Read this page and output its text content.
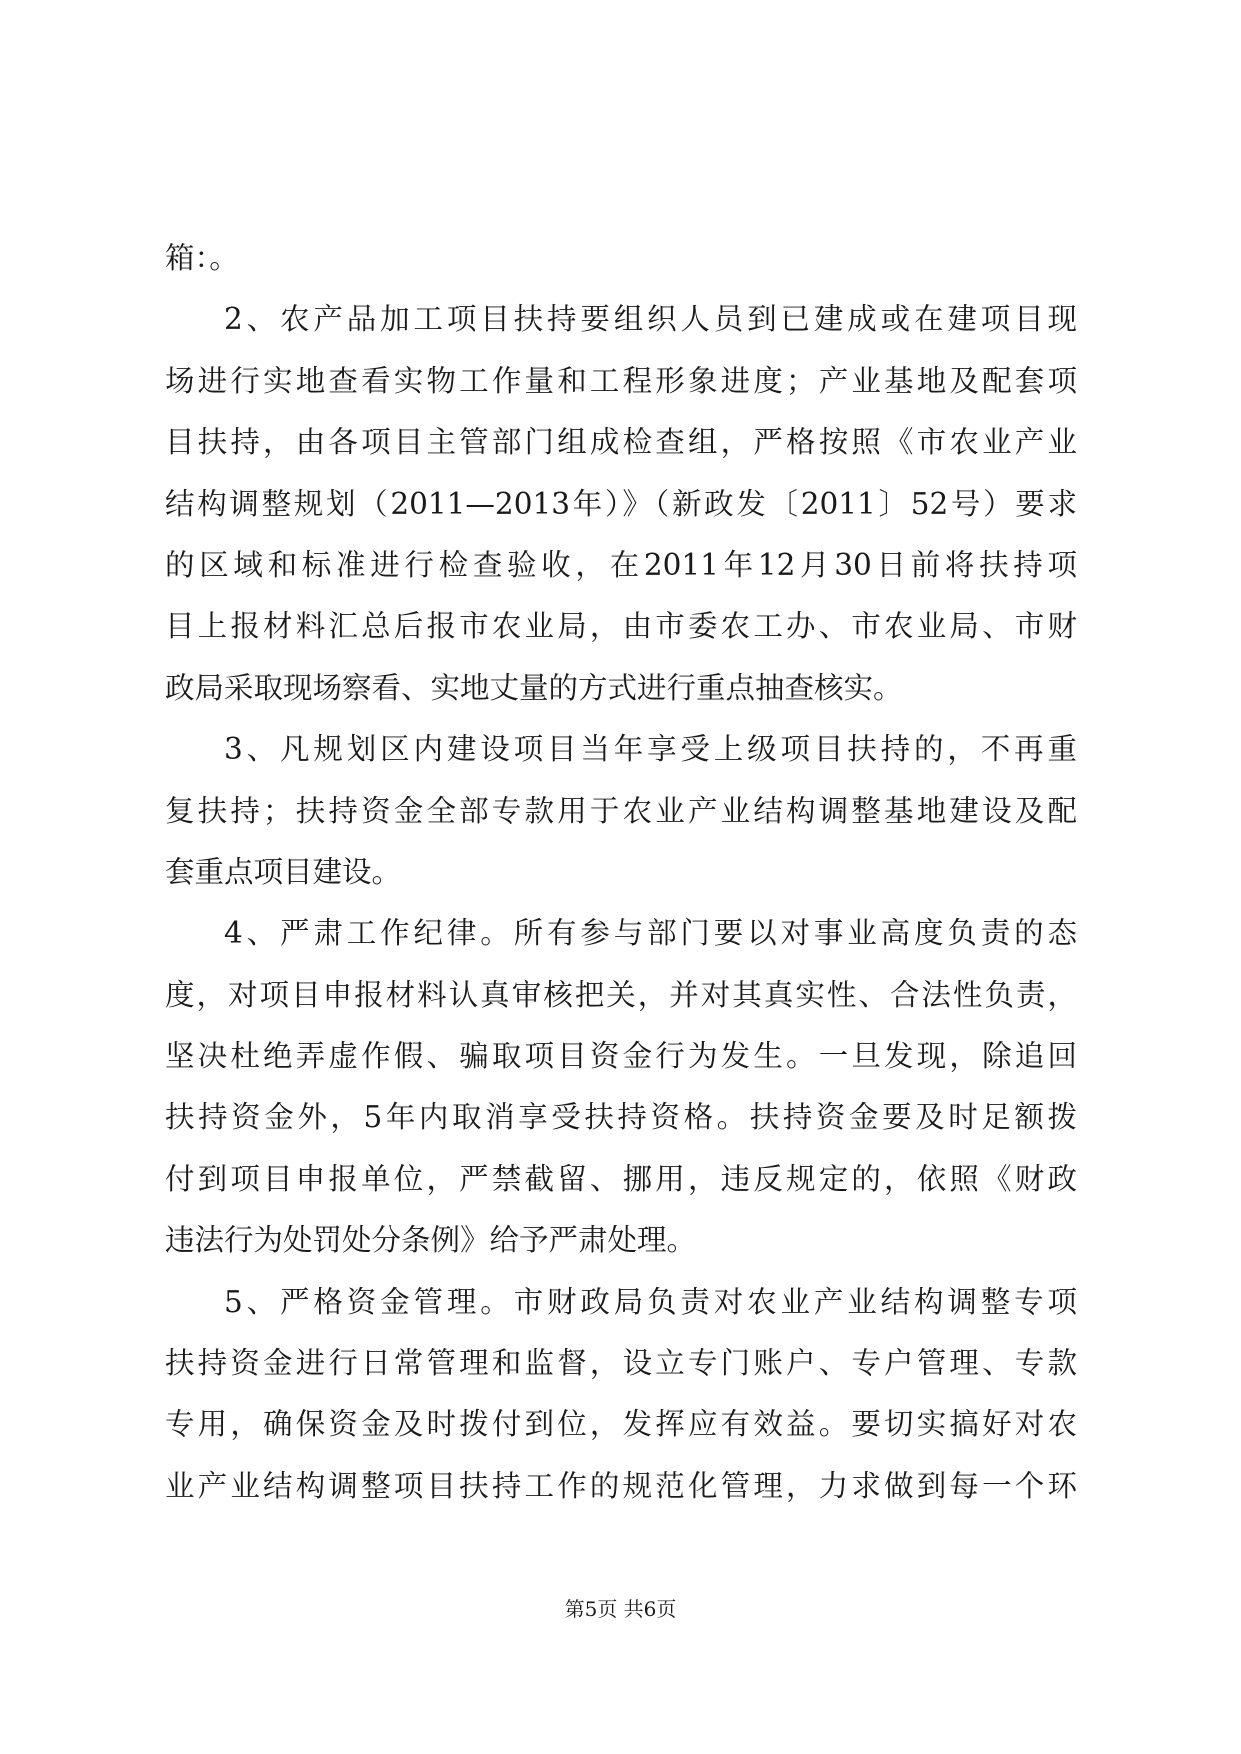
箱：。
2、农产品加工项目扶持要组织人员到已建成或在建项目现
场进行实地查看实物工作量和工程形象进度；产业基地及配套项
目扶持，由各项目主管部门组成检查组，严格按照《市农业产业
结构调整规划（2011—2013年）》（新政发〔2011〕52号）要求
的区域和标准进行检查验收，在2011年12月30日前将扶持项
目上报材料汇总后报市农业局，由市委农工办、市农业局、市财
政局采取现场察看、实地丈量的方式进行重点抽查核实。
3、凡规划区内建设项目当年享受上级项目扶持的，不再重
复扶持；扶持资金全部专款用于农业产业结构调整基地建设及配
套重点项目建设。
4、严肃工作纪律。所有参与部门要以对事业高度负责的态
度，对项目申报材料认真审核把关，并对其真实性、合法性负责，
坚决杜绝弄虚作假、骗取项目资金行为发生。一旦发现，除追回
扶持资金外，5年内取消享受扶持资格。扶持资金要及时足额拨
付到项目申报单位，严禁截留、挪用，违反规定的，依照《财政
违法行为处罚处分条例》给予严肃处理。
5、严格资金管理。市财政局负责对农业产业结构调整专项
扶持资金进行日常管理和监督，设立专门账户、专户管理、专款
专用，确保资金及时拨付到位，发挥应有效益。要切实搞好对农
业产业结构调整项目扶持工作的规范化管理，力求做到每一个环
第5页 共6页
